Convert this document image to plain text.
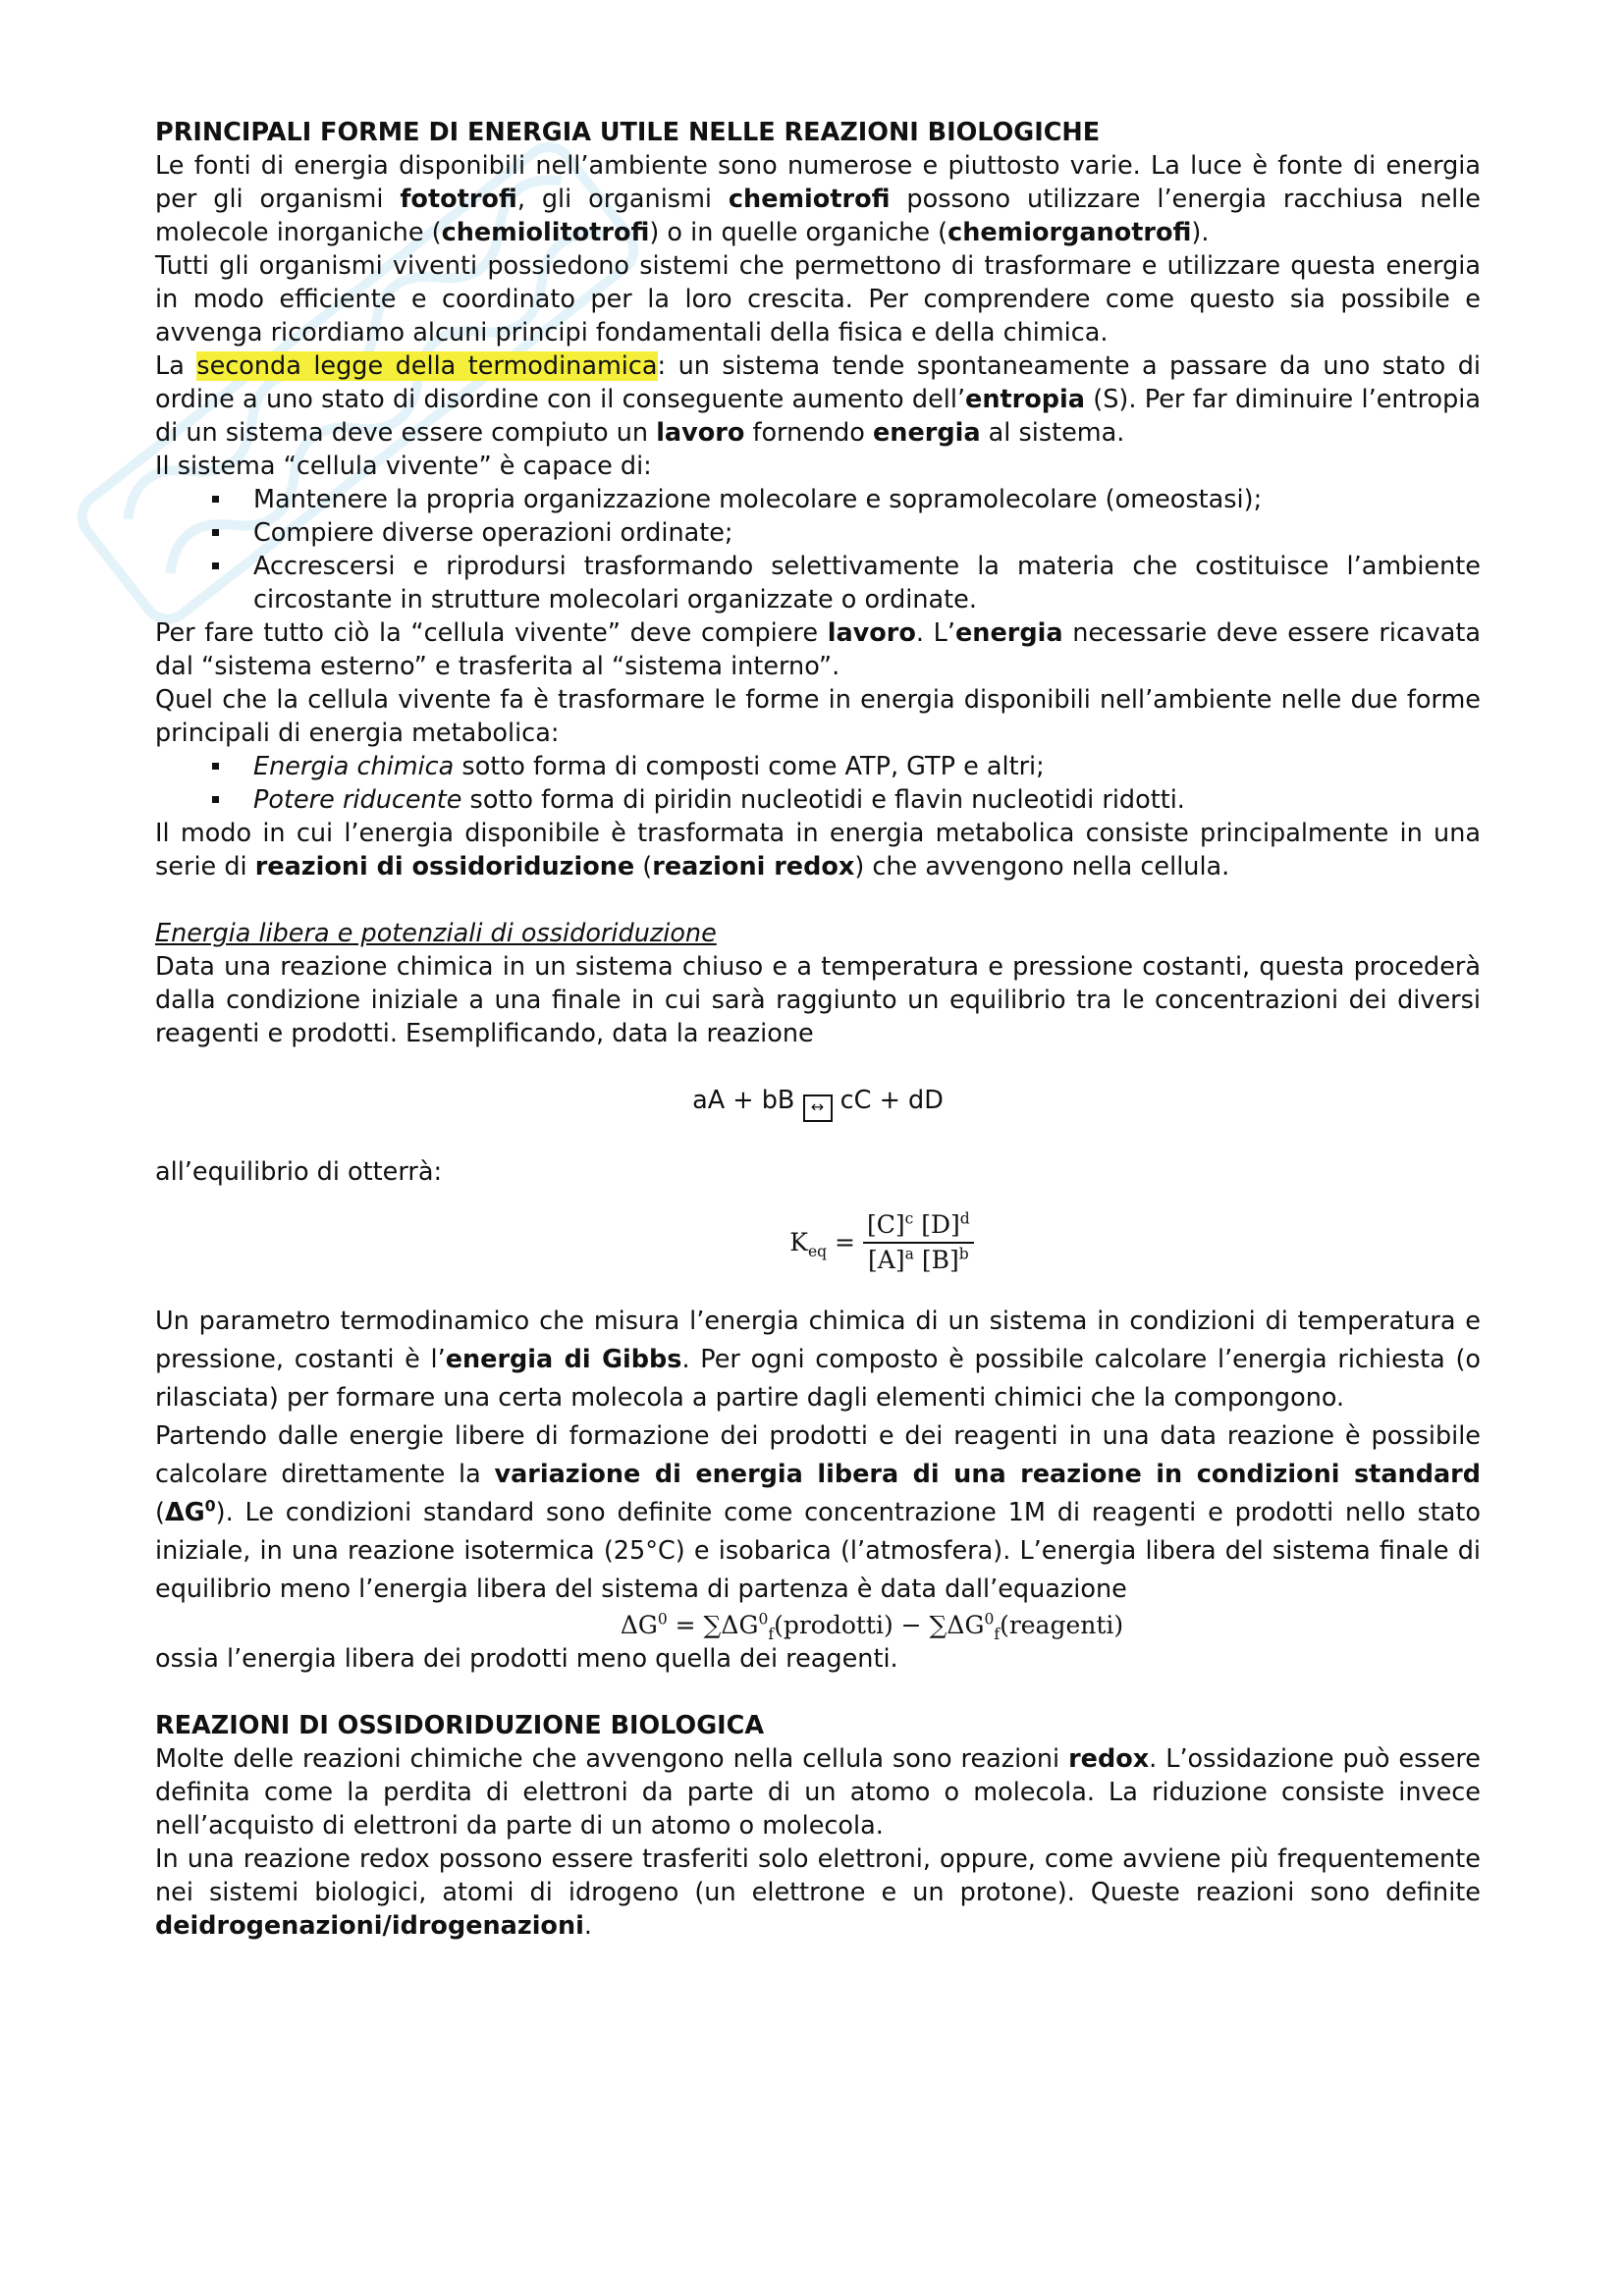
PRINCIPALI FORME DI ENERGIA UTILE NELLE REAZIONI BIOLOGICHE

Le fonti di energia disponibili nell’ambiente sono numerose e piuttosto varie. La luce è fonte di energia per gli organismi fototrofi, gli organismi chemiotrofi possono utilizzare l’energia racchiusa nelle molecole inorganiche (chemiolitotrofi) o in quelle organiche (chemiorganotrofi).

Tutti gli organismi viventi possiedono sistemi che permettono di trasformare e utilizzare questa energia in modo efficiente e coordinato per la loro crescita. Per comprendere come questo sia possibile e avvenga ricordiamo alcuni principi fondamentali della fisica e della chimica.

La seconda legge della termodinamica: un sistema tende spontaneamente a passare da uno stato di ordine a uno stato di disordine con il conseguente aumento dell’entropia (S). Per far diminuire l’entropia di un sistema deve essere compiuto un lavoro fornendo energia al sistema.

Il sistema “cellula vivente” è capace di:

Mantenere la propria organizzazione molecolare e sopramolecolare (omeostasi);
Compiere diverse operazioni ordinate;
Accrescersi e riprodursi trasformando selettivamente la materia che costituisce l’ambiente circostante in strutture molecolari organizzate o ordinate.

Per fare tutto ciò la “cellula vivente” deve compiere lavoro. L’energia necessarie deve essere ricavata dal “sistema esterno” e trasferita al “sistema interno”.

Quel che la cellula vivente fa è trasformare le forme in energia disponibili nell’ambiente nelle due forme principali di energia metabolica:

Energia chimica sotto forma di composti come ATP, GTP e altri;
Potere riducente sotto forma di piridin nucleotidi e flavin nucleotidi ridotti.

Il modo in cui l’energia disponibile è trasformata in energia metabolica consiste principalmente in una serie di reazioni di ossidoriduzione (reazioni redox) che avvengono nella cellula.

Energia libera e potenziali di ossidoriduzione

Data una reazione chimica in un sistema chiuso e a temperatura e pressione costanti, questa procederà dalla condizione iniziale a una finale in cui sarà raggiunto un equilibrio tra le concentrazioni dei diversi reagenti e prodotti. Esemplificando, data la reazione

aA + bB ↔ cC + dD

all’equilibrio di otterrà:

$K_{eq} = \frac{[C]^c [D]^d}{[A]^a [B]^b}$

Un parametro termodinamico che misura l’energia chimica di un sistema in condizioni di temperatura e pressione, costanti è l’energia di Gibbs. Per ogni composto è possibile calcolare l’energia richiesta (o rilasciata) per formare una certa molecola a partire dagli elementi chimici che la compongono.

Partendo dalle energie libere di formazione dei prodotti e dei reagenti in una data reazione è possibile calcolare direttamente la variazione di energia libera di una reazione in condizioni standard $(\Delta G^0)$. Le condizioni standard sono definite come concentrazione 1M di reagenti e prodotti nello stato iniziale, in una reazione isotermica (25°C) e isobarica (l’atmosfera). L’energia libera del sistema finale di equilibrio meno l’energia libera del sistema di partenza è data dall’equazione

$\Delta G^0$ = $\sum\Delta G^0_f(prodotti)$ − $\sum\Delta G^0_f(reagenti)$

ossia l’energia libera dei prodotti meno quella dei reagenti.

REAZIONI DI OSSIDORIDUZIONE BIOLOGICA

Molte delle reazioni chimiche che avvengono nella cellula sono reazioni redox. L’ossidazione può essere definita come la perdita di elettroni da parte di un atomo o molecola. La riduzione consiste invece nell’acquisto di elettroni da parte di un atomo o molecola.

In una reazione redox possono essere trasferiti solo elettroni, oppure, come avviene più frequentemente nei sistemi biologici, atomi di idrogeno (un elettrone e un protone). Queste reazioni sono definite deidrogenazioni/idrogenazioni.
